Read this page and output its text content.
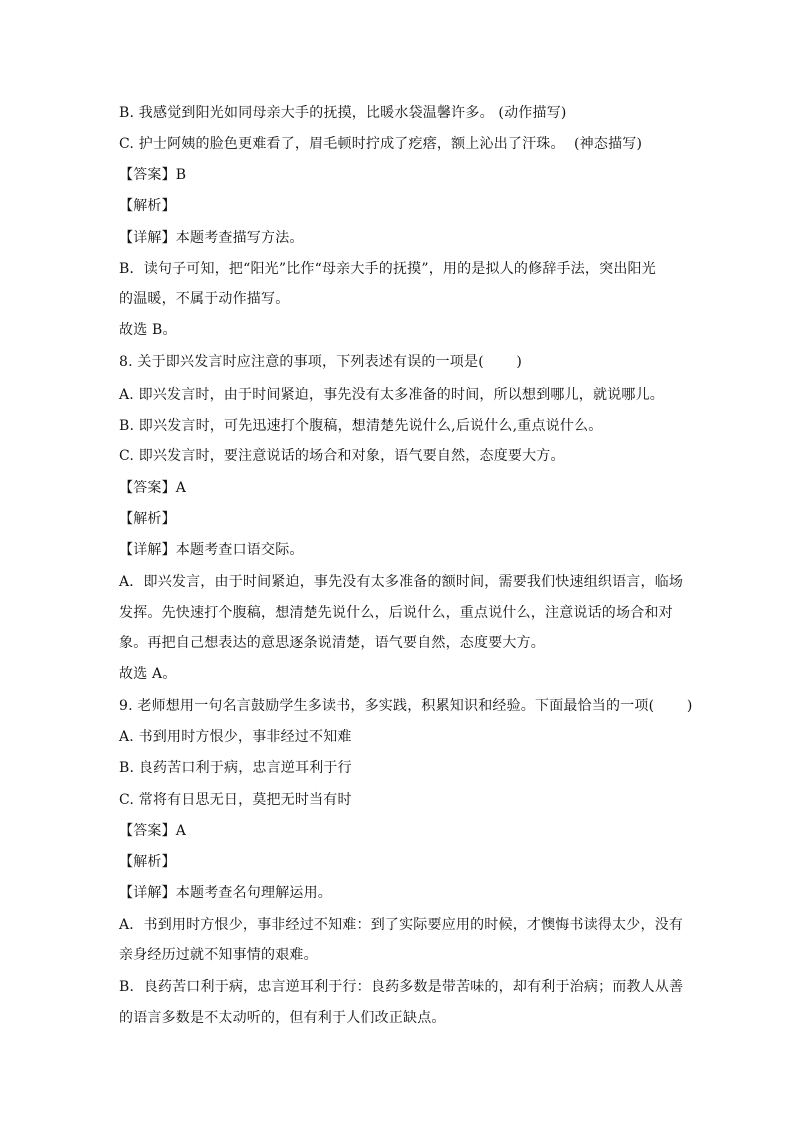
B. 我感觉到阳光如同母亲大手的抚摸，比暖水袋温馨许多。 (动作描写)
C. 护士阿姨的脸色更难看了，眉毛顿时拧成了疙瘩，额上沁出了汗珠。  (神态描写)
【答案】B
【解析】
【详解】本题考查描写方法。
B．读句子可知，把“阳光”比作“母亲大手的抚摸”，用的是拟人的修辞手法，突出阳光
的温暖，不属于动作描写。
故选 B。
8. 关于即兴发言时应注意的事项，下列表述有误的一项是(       )
A. 即兴发言时，由于时间紧迫，事先没有太多准备的时间，所以想到哪儿，就说哪儿。
B. 即兴发言时，可先迅速打个腹稿，想清楚先说什么,后说什么,重点说什么。
C. 即兴发言时，要注意说话的场合和对象，语气要自然，态度要大方。
【答案】A
【解析】
【详解】本题考查口语交际。
A．即兴发言，由于时间紧迫，事先没有太多准备的额时间，需要我们快速组织语言，临场
发挥。先快速打个腹稿，想清楚先说什么，后说什么，重点说什么，注意说话的场合和对
象。再把自己想表达的意思逐条说清楚，语气要自然，态度要大方。
故选 A。
9. 老师想用一句名言鼓励学生多读书，多实践，积累知识和经验。下面最恰当的一项(       )
A. 书到用时方恨少，事非经过不知难
B. 良药苦口利于病，忠言逆耳利于行
C. 常将有日思无日，莫把无时当有时
【答案】A
【解析】
【详解】本题考查名句理解运用。
A．书到用时方恨少，事非经过不知难：到了实际要应用的时候，才懊悔书读得太少，没有
亲身经历过就不知事情的艰难。
B．良药苦口利于病，忠言逆耳利于行：良药多数是带苦味的，却有利于治病；而教人从善
的语言多数是不太动听的，但有利于人们改正缺点。
